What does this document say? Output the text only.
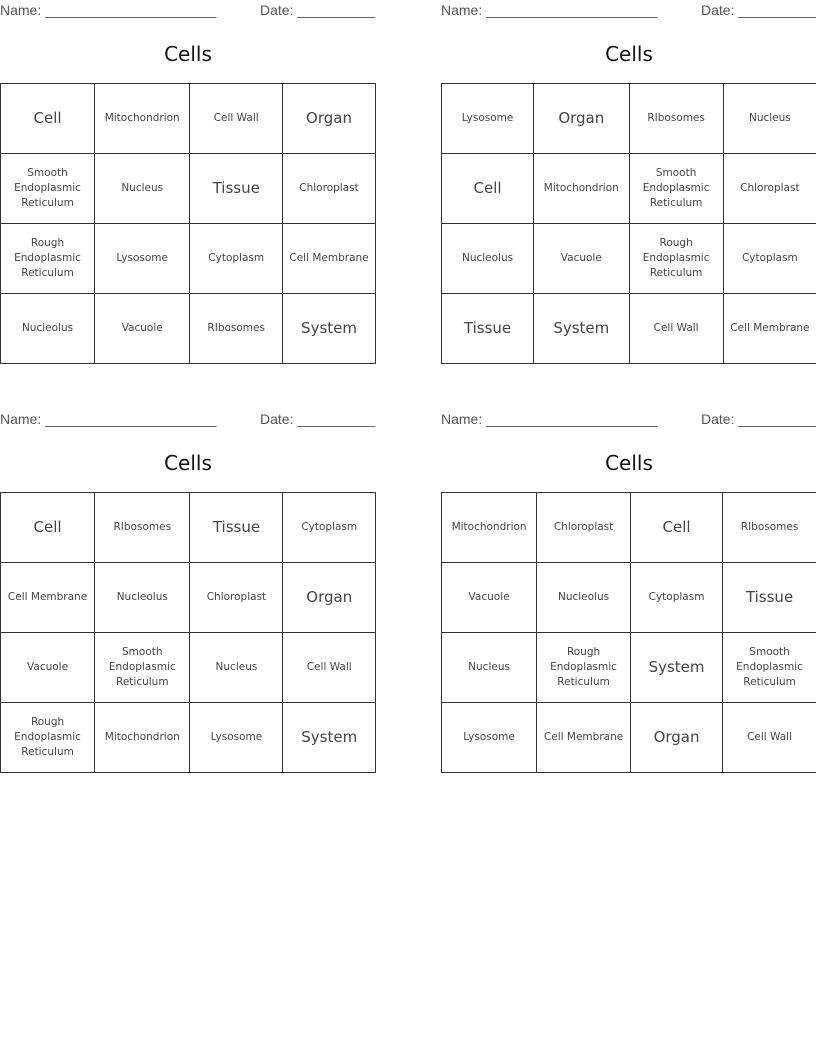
Name: ______________________	Date: __________
Cells
Cell	Mitochondrion	Cell Wall	Organ
Smooth Endoplasmic Reticulum	Nucleus	Tissue	Chloroplast
Rough Endoplasmic Reticulum	Lysosome	Cytoplasm	Cell Membrane
Nucleolus	Vacuole	RIbosomes	System
Name: ______________________	Date: __________
Cells
Lysosome	Organ	RIbosomes	Nucleus
Cell	Mitochondrion	Smooth Endoplasmic Reticulum	Chloroplast
Nucleolus	Vacuole	Rough Endoplasmic Reticulum	Cytoplasm
Tissue	System	Cell Wall	Cell Membrane
Name: ______________________	Date: __________
Cells
Cell	RIbosomes	Tissue	Cytoplasm
Cell Membrane	Nucleolus	Chloroplast	Organ
Vacuole	Smooth Endoplasmic Reticulum	Nucleus	Cell Wall
Rough Endoplasmic Reticulum	Mitochondrion	Lysosome	System
Name: ______________________	Date: __________
Cells
Mitochondrion	Chloroplast	Cell	RIbosomes
Vacuole	Nucleolus	Cytoplasm	Tissue
Nucleus	Rough Endoplasmic Reticulum	System	Smooth Endoplasmic Reticulum
Lysosome	Cell Membrane	Organ	Cell Wall
